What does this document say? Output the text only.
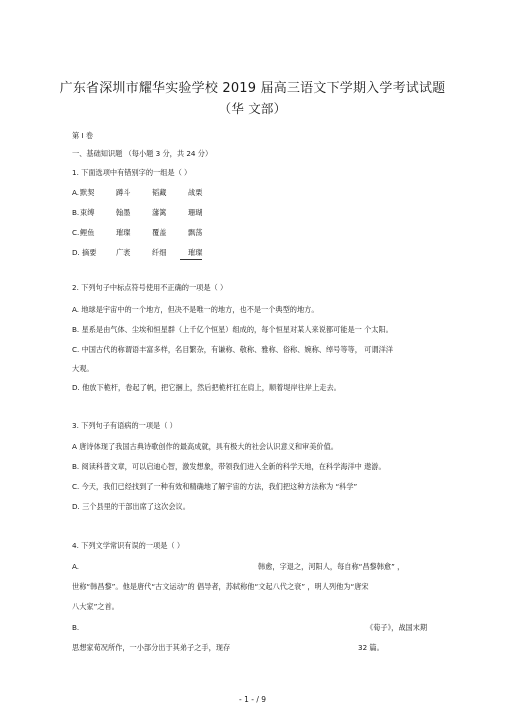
广东省深圳市耀华实验学校 2019 届高三语文下学期入学考试试题
（华 文部）
第 Ⅰ 卷
一、基础知识题 （每小题 3 分，共 24 分）
1. 下面选项中有错别字的一组是（ ）
A. 默契	蹲斗	韬藏	战栗
B. 束缚	翰墨	藩篱	珊瑚
C. 鲤鱼	璀璨	覆盖	飘荡
D. 摘要	广袤	纤细	璀璨
2. 下列句子中标点符号使用不正确的一项是（ ）
A. 地球是宇宙中的一个地方，但决不是唯一的地方，也不是一个典型的地方。
B. 星系是由气体、尘埃和恒星群（上千亿个恒星）组成的，每个恒星对某人来说都可能是一 个太阳。
C. 中国古代的称谓语丰富多样，名目繁杂，有谦称、敬称、雅称、俗称、婉称、绰号等等， 可谓洋洋
大观。
D. 他放下桅杆，卷起了帆，把它捆上，然后把桅杆扛在肩上，顺着堤岸往岸上走去。
3. 下列句子有语病的一项是（ ）
A 唐诗体现了我国古典诗歌创作的最高成就，具有极大的社会认识意义和审美价值。
B. 阅读科普文章，可以启迪心智，激发想象，带领我们进入全新的科学天地，在科学海洋中 遨游。
C. 今天，我们已经找到了一种有效和精确地了解宇宙的方法，我们把这种方法称为 “科学”
D. 三个县里的干部出席了这次会议。
4. 下列文学常识有误的一项是（ ）
A.	韩愈，字退之，河阳人，每自称“昌黎韩愈” ，
世称“韩昌黎”。他是唐代“古文运动”的 倡导者，苏轼称他“文起八代之衰” ，明人列他为“唐宋
八大家”之首。
B.	《荀子》，战国末期
思想家荀况所作，一小部分出于其弟子之手，现存	32 篇。
- 1 - / 9
